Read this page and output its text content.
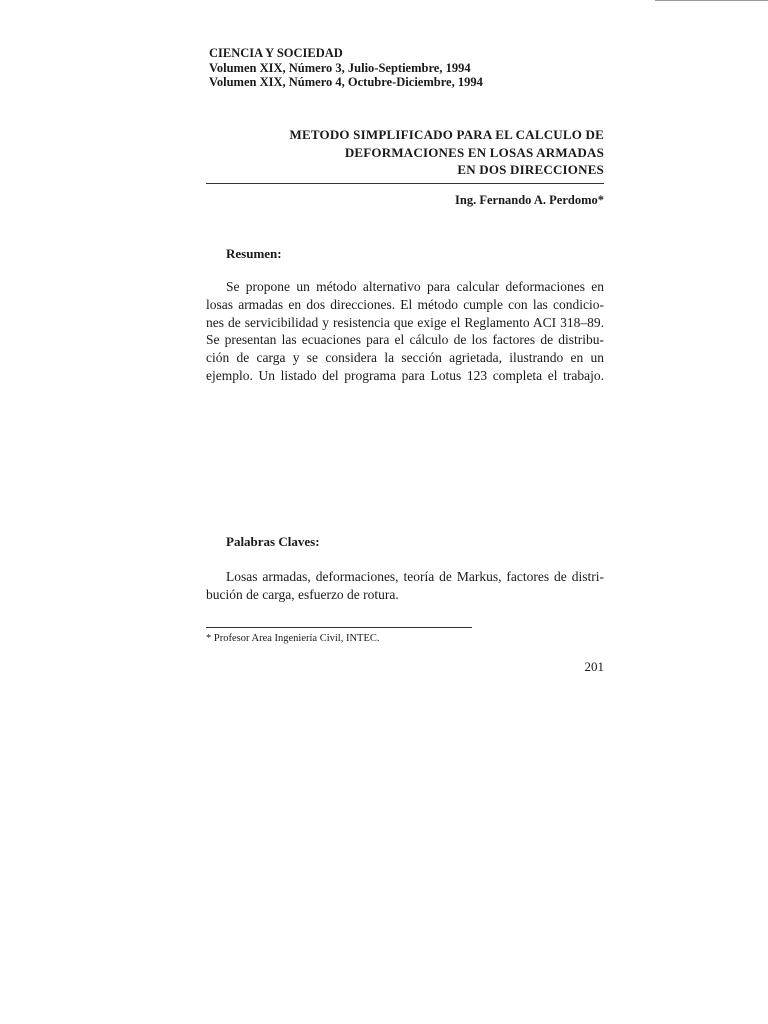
CIENCIA Y SOCIEDAD
Volumen XIX, Número 3, Julio-Septiembre, 1994
Volumen XIX, Número 4, Octubre-Diciembre, 1994
METODO SIMPLIFICADO PARA EL CALCULO DE
DEFORMACIONES EN LOSAS ARMADAS
EN DOS DIRECCIONES
Ing. Fernando A. Perdomo*
Resumen:
Se propone un método alternativo para calcular deformaciones en
losas armadas en dos direcciones. El método cumple con las condicio-
nes de servicibilidad y resistencia que exige el Reglamento ACI 318–89.
Se presentan las ecuaciones para el cálculo de los factores de distribu-
ción de carga y se considera la sección agrietada, ilustrando en un
ejemplo. Un listado del programa para Lotus 123 completa el trabajo.
Palabras Claves:
Losas armadas, deformaciones, teoría de Markus, factores de distri-
bución de carga, esfuerzo de rotura.
* Profesor Area Ingeniería Civil, INTEC.
201
